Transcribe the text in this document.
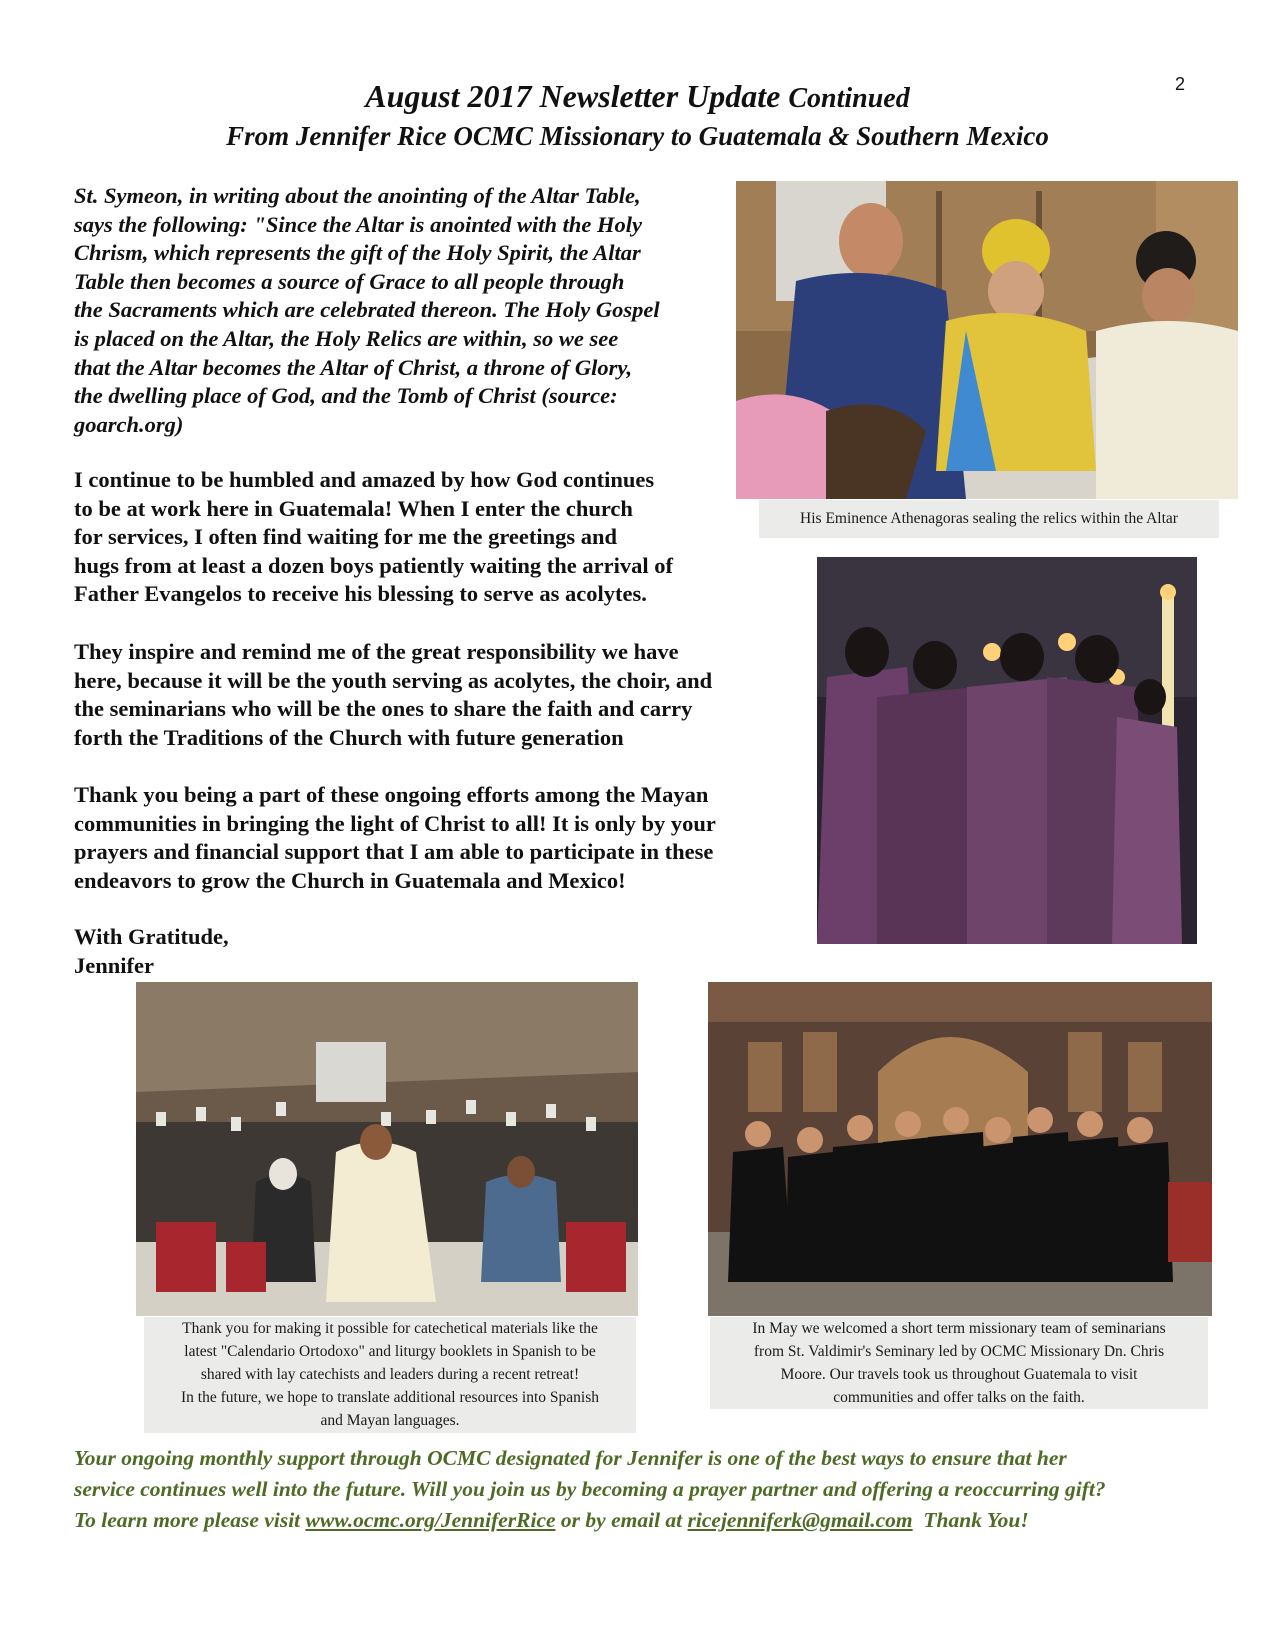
2
August 2017 Newsletter Update Continued
From Jennifer Rice OCMC Missionary to Guatemala & Southern Mexico
St. Symeon, in writing about the anointing of the Altar Table,
says the following: "Since the Altar is anointed with the Holy
Chrism, which represents the gift of the Holy Spirit, the Altar
Table then becomes a source of Grace to all people through
the Sacraments which are celebrated thereon. The Holy Gospel
is placed on the Altar, the Holy Relics are within, so we see
that the Altar becomes the Altar of Christ, a throne of Glory,
the dwelling place of God, and the Tomb of Christ (source:
goarch.org)
I continue to be humbled and amazed by how God continues
to be at work here in Guatemala! When I enter the church
for services, I often find waiting for me the greetings and
hugs from at least a dozen boys patiently waiting the arrival of
Father Evangelos to receive his blessing to serve as acolytes.
They inspire and remind me of the great responsibility we have
here, because it will be the youth serving as acolytes, the choir, and
the seminarians who will be the ones to share the faith and carry
forth the Traditions of the Church with future generation
Thank you being a part of these ongoing efforts among the Mayan
communities in bringing the light of Christ to all! It is only by your
prayers and financial support that I am able to participate in these
endeavors to grow the Church in Guatemala and Mexico!
With Gratitude,
Jennifer
His Eminence Athenagoras sealing the relics within the Altar
Thank you for making it possible for catechetical materials like the
latest "Calendario Ortodoxo" and liturgy booklets in Spanish to be
shared with lay catechists and leaders during a recent retreat!
In the future, we hope to translate additional resources into Spanish
and Mayan languages.
In May we welcomed a short term missionary team of seminarians
from St. Valdimir's Seminary led by OCMC Missionary Dn. Chris
Moore. Our travels took us throughout Guatemala to visit
communities and offer talks on the faith.
Your ongoing monthly support through OCMC designated for Jennifer is one of the best ways to ensure that her
service continues well into the future. Will you join us by becoming a prayer partner and offering a reoccurring gift?
To learn more please visit www.ocmc.org/JenniferRice or by email at ricejenniferk@gmail.com Thank You!
